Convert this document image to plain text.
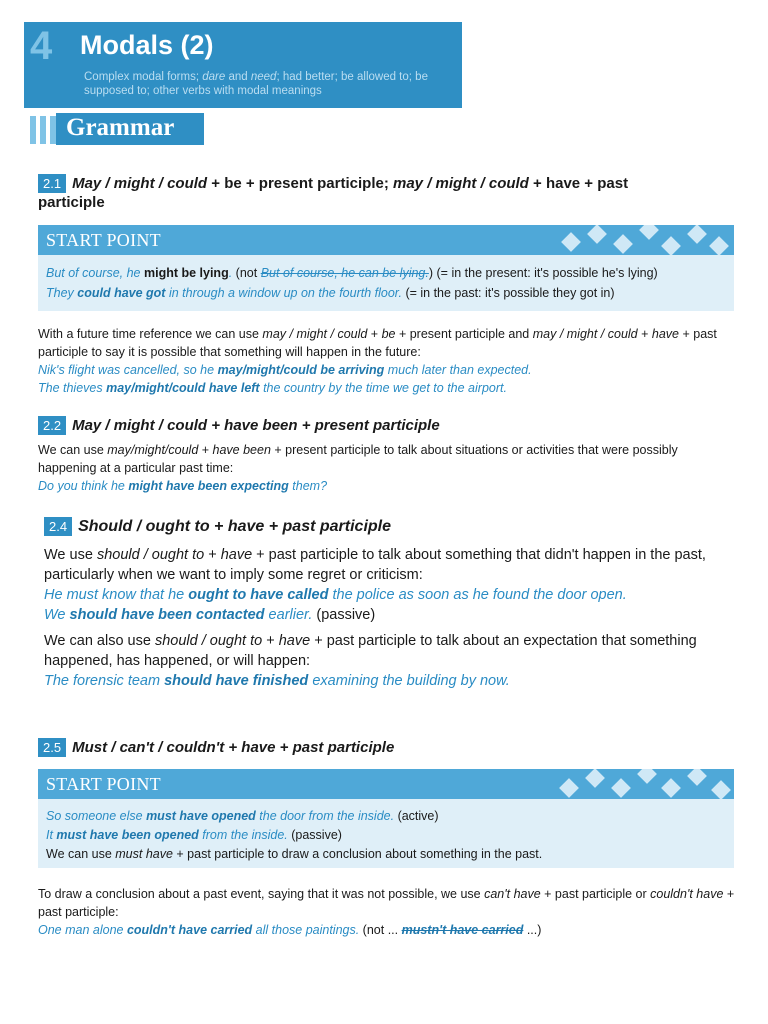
4 Modals (2)
Complex modal forms; dare and need; had better; be allowed to; be supposed to; other verbs with modal meanings
Grammar
2.1 May / might / could + be + present participle; may / might / could + have + past
participle
START POINT
But of course, he might be lying. (not But of course, he can be lying.) (= in the present: it's possible he's lying)
They could have got in through a window up on the fourth floor. (= in the past: it's possible they got in)
With a future time reference we can use may / might / could + be + present participle and may / might / could + have + past participle to say it is possible that something will happen in the future:
Nik's flight was cancelled, so he may/might/could be arriving much later than expected.
The thieves may/might/could have left the country by the time we get to the airport.
2.2 May / might / could + have been + present participle
We can use may/might/could + have been + present participle to talk about situations or activities that were possibly happening at a particular past time:
Do you think he might have been expecting them?
2.4 Should / ought to + have + past participle
We use should / ought to + have + past participle to talk about something that didn't happen in the past, particularly when we want to imply some regret or criticism:
He must know that he ought to have called the police as soon as he found the door open.
We should have been contacted earlier. (passive)
We can also use should / ought to + have + past participle to talk about an expectation that something happened, has happened, or will happen:
The forensic team should have finished examining the building by now.
2.5 Must / can't / couldn't + have + past participle
START POINT
So someone else must have opened the door from the inside. (active)
It must have been opened from the inside. (passive)
We can use must have + past participle to draw a conclusion about something in the past.
To draw a conclusion about a past event, saying that it was not possible, we use can't have + past participle or couldn't have + past participle:
One man alone couldn't have carried all those paintings. (not ... mustn't have carried ...)
